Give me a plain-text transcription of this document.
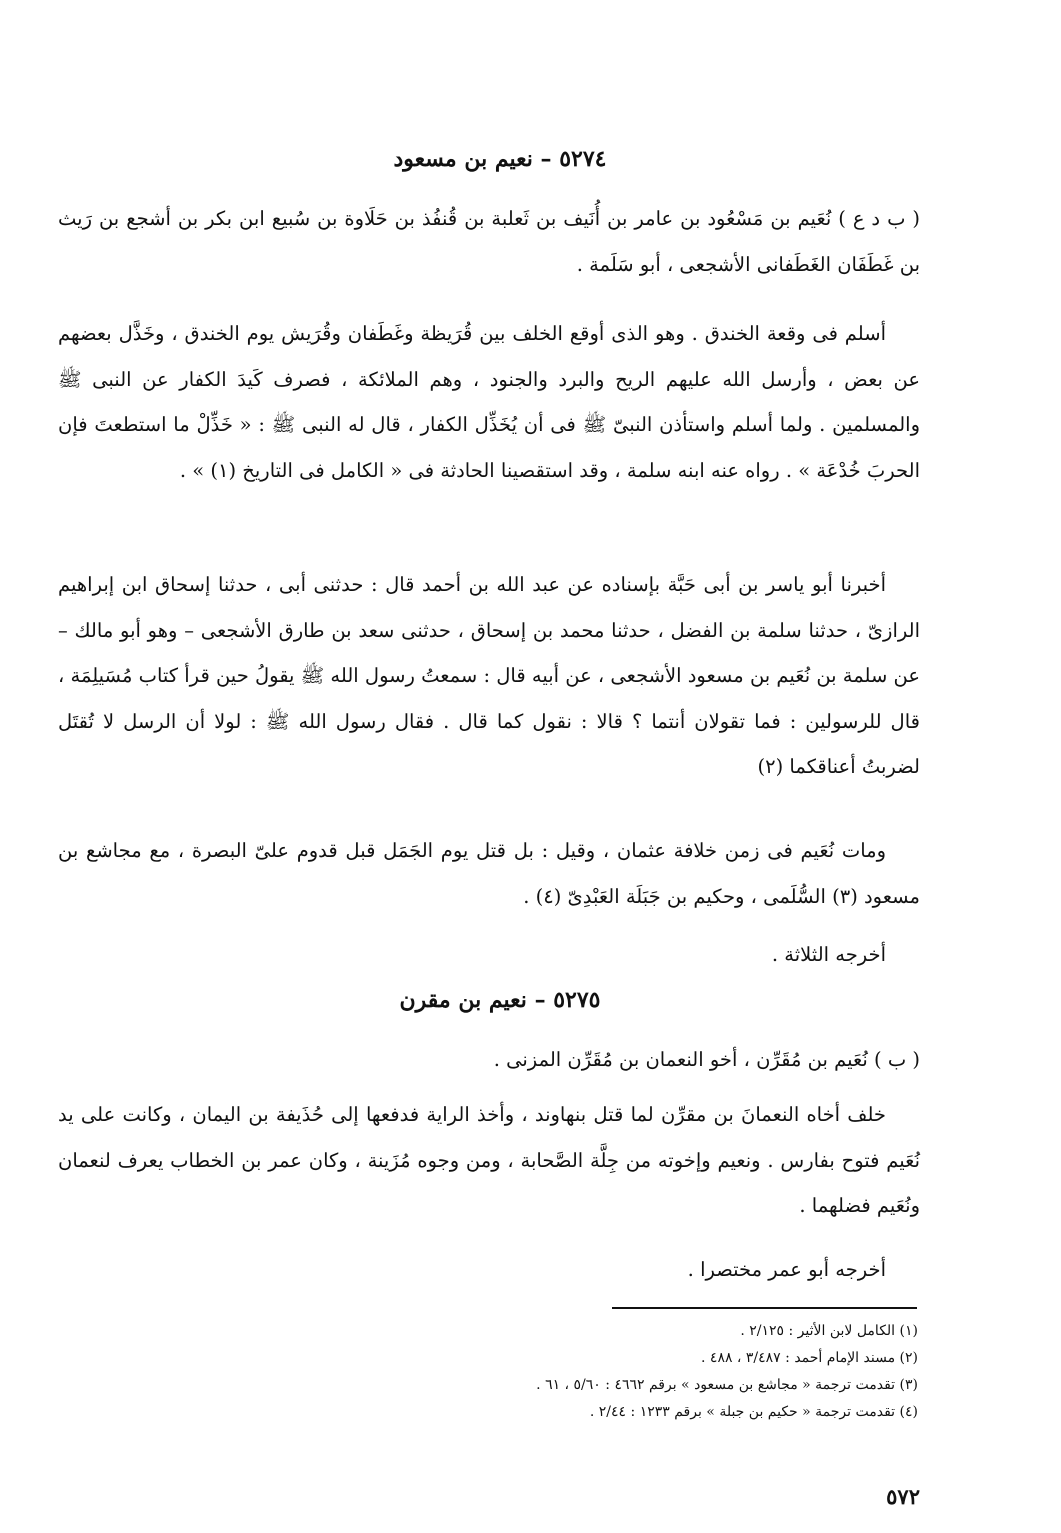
٥٢٧٤ – نعيم بن مسعود
( ب د ع ) نُعَيم بن مَسْعُود بن عامر بن أُنَيف بن ثَعلبة بن قُنفُذ بن حَلَاوة بن سُبيع ابن بكر بن أشجع بن رَيث بن غَطَفَان الغَطَفانى الأشجعى ، أبو سَلَمة .
أسلم فى وقعة الخندق . وهو الذى أوقع الخلف بين قُرَيظة وغَطَفان وقُرَيش يوم الخندق ، وخَذَّل بعضهم عن بعض ، وأرسل الله عليهم الريح والبرد والجنود ، وهم الملائكة ، فصرف كَيدَ الكفار عن النبى ﷺ والمسلمين . ولما أسلم واستأذن النبىّ ﷺ فى أن يُخَذِّل الكفار ، قال له النبى ﷺ : « خَذِّلْ ما استطعتَ فإن الحربَ خُدْعَة » . رواه عنه ابنه سلمة ، وقد استقصينا الحادثة فى « الكامل فى التاريخ (١) » .
أخبرنا أبو ياسر بن أبى حَبَّة بإسناده عن عبد الله بن أحمد قال : حدثنى أبى ، حدثنا إسحاق ابن إبراهيم الرازىّ ، حدثنا سلمة بن الفضل ، حدثنا محمد بن إسحاق ، حدثنى سعد بن طارق الأشجعى – وهو أبو مالك – عن سلمة بن نُعَيم بن مسعود الأشجعى ، عن أبيه قال : سمعتُ رسول الله ﷺ يقولُ حين قرأ كتاب مُسَيلِمَة ، قال للرسولين : فما تقولان أنتما ؟ قالا : نقول كما قال . فقال رسول الله ﷺ : لولا أن الرسل لا تُقتَل لضربتُ أعناقكما (٢)
ومات نُعَيم فى زمن خلافة عثمان ، وقيل : بل قتل يوم الجَمَل قبل قدوم علىّ البصرة ، مع مجاشع بن مسعود (٣) السُّلَمى ، وحكيم بن جَبَلَة العَبْدِىّ (٤) .
أخرجه الثلاثة .
٥٢٧٥ – نعيم بن مقرن
( ب ) نُعَيم بن مُقَرِّن ، أخو النعمان بن مُقَرِّن المزنى .
خلف أخاه النعمانَ بن مقرِّن لما قتل بنهاوند ، وأخذ الراية فدفعها إلى حُذَيفة بن اليمان ، وكانت على يد نُعَيم فتوح بفارس . ونعيم وإخوته من جِلَّة الصَّحابة ، ومن وجوه مُزَينة ، وكان عمر بن الخطاب يعرف لنعمان ونُعَيم فضلهما .
أخرجه أبو عمر مختصرا .
(١) الكامل لابن الأثير : ٢/١٢٥ .
(٢) مسند الإمام أحمد : ٣/٤٨٧ ، ٤٨٨ .
(٣) تقدمت ترجمة « مجاشع بن مسعود » برقم ٤٦٦٢ : ٥/٦٠ ، ٦١ .
(٤) تقدمت ترجمة « حكيم بن جبلة » برقم ١٢٣٣ : ٢/٤٤ .
٥٧٢
